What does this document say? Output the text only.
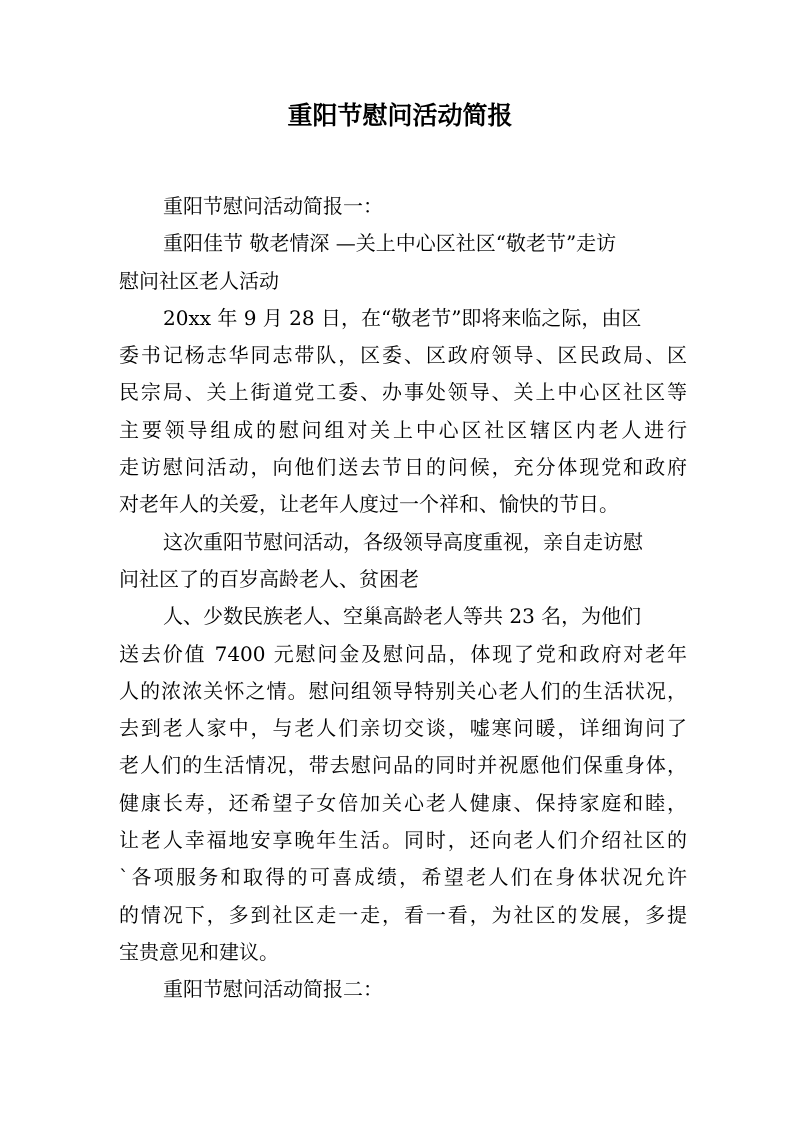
重阳节慰问活动简报
重阳节慰问活动简报一：
重阳佳节 敬老情深 —关上中心区社区“敬老节”走访
慰问社区老人活动
20xx 年 9 月 28 日，在“敬老节”即将来临之际，由区
委书记杨志华同志带队，区委、区政府领导、区民政局、区
民宗局、关上街道党工委、办事处领导、关上中心区社区等
主要领导组成的慰问组对关上中心区社区辖区内老人进行
走访慰问活动，向他们送去节日的问候，充分体现党和政府
对老年人的关爱，让老年人度过一个祥和、愉快的节日。
这次重阳节慰问活动，各级领导高度重视，亲自走访慰
问社区了的百岁高龄老人、贫困老
人、少数民族老人、空巢高龄老人等共 23 名，为他们
送去价值 7400 元慰问金及慰问品，体现了党和政府对老年
人的浓浓关怀之情。慰问组领导特别关心老人们的生活状况，
去到老人家中，与老人们亲切交谈，嘘寒问暖，详细询问了
老人们的生活情况，带去慰问品的同时并祝愿他们保重身体，
健康长寿，还希望子女倍加关心老人健康、保持家庭和睦，
让老人幸福地安享晚年生活。同时，还向老人们介绍社区的
`各项服务和取得的可喜成绩，希望老人们在身体状况允许
的情况下，多到社区走一走，看一看，为社区的发展，多提
宝贵意见和建议。
重阳节慰问活动简报二：
